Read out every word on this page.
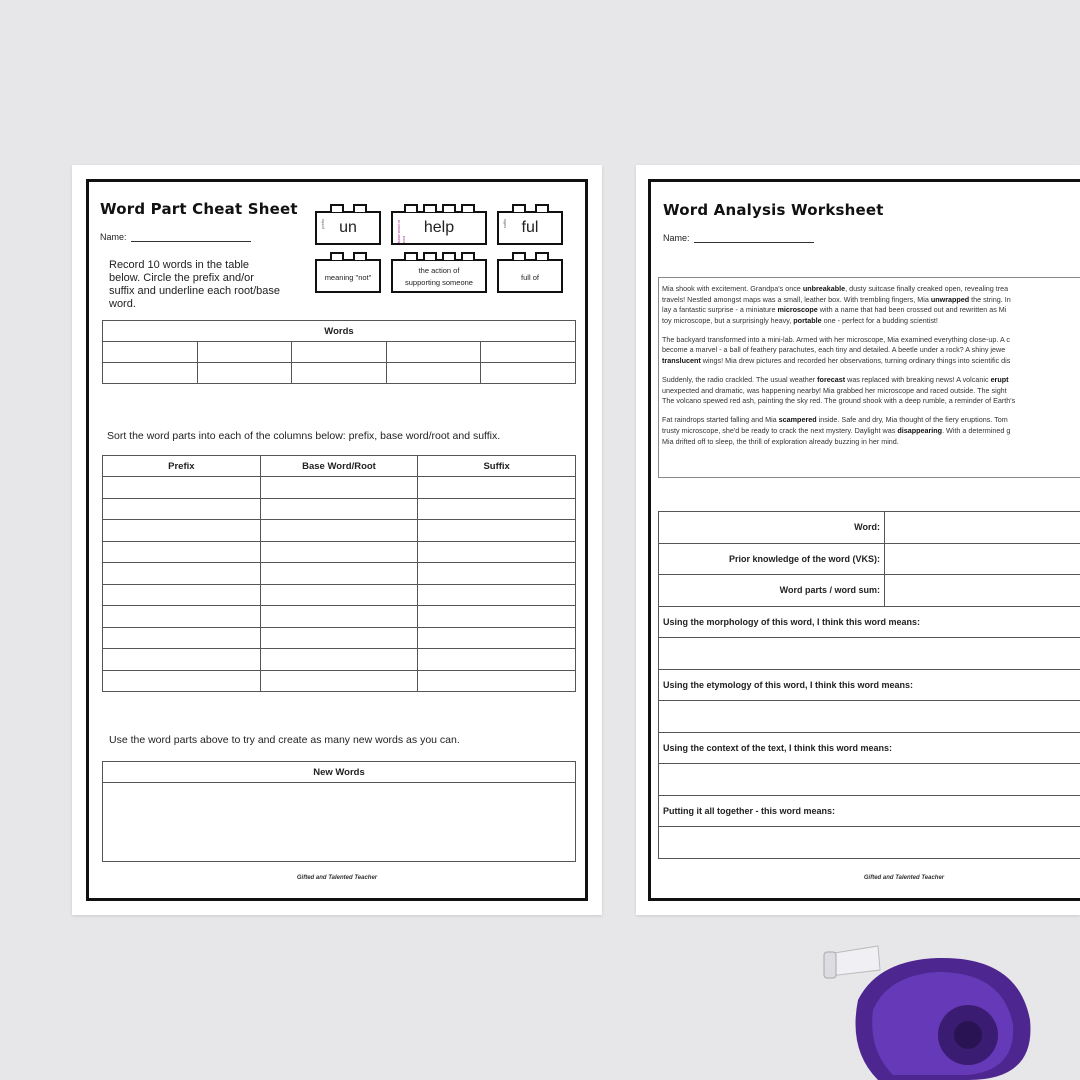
Word Part Cheat Sheet
Name:
Record 10 words in the table below. Circle the prefix and/or suffix and underline each root/base word.
prefix un	base word or root
help	suffix ful
meaning "not"
the action of supporting someone
full of
Words				

Sort the word parts into each of the columns below: prefix, base word/root and suffix.
Prefix	Base Word/Root	Suffix

Use the word parts above to try and create as many new words as you can.
New Words

Gifted and Talented Teacher
Word Analysis Worksheet
Name:
Mia shook with excitement. Grandpa's once unbreakable, dusty suitcase finally creaked open, revealing trea
travels! Nestled amongst maps was a small, leather box. With trembling fingers, Mia unwrapped the string. In
lay a fantastic surprise - a miniature microscope with a name that had been crossed out and rewritten as Mi
toy microscope, but a surprisingly heavy, portable one - perfect for a budding scientist!
The backyard transformed into a mini-lab. Armed with her microscope, Mia examined everything close-up. A c
become a marvel - a ball of feathery parachutes, each tiny and detailed. A beetle under a rock? A shiny jewe
translucent wings! Mia drew pictures and recorded her observations, turning ordinary things into scientific dis
Suddenly, the radio crackled. The usual weather forecast was replaced with breaking news! A volcanic erupt
unexpected and dramatic, was happening nearby! Mia grabbed her microscope and raced outside. The sight
The volcano spewed red ash, painting the sky red. The ground shook with a deep rumble, a reminder of Earth's
Fat raindrops started falling and Mia scampered inside. Safe and dry, Mia thought of the fiery eruptions. Tom
trusty microscope, she'd be ready to crack the next mystery. Daylight was disappearing. With a determined g
Mia drifted off to sleep, the thrill of exploration already buzzing in her mind.
Word:	
Prior knowledge of the word (VKS):	
Word parts / word sum:	
Using the morphology of this word, I think this word means:	

Using the etymology of this word, I think this word means:	

Using the context of the text, I think this word means:	

Putting it all together - this word means:	

Gifted and Talented Teacher
